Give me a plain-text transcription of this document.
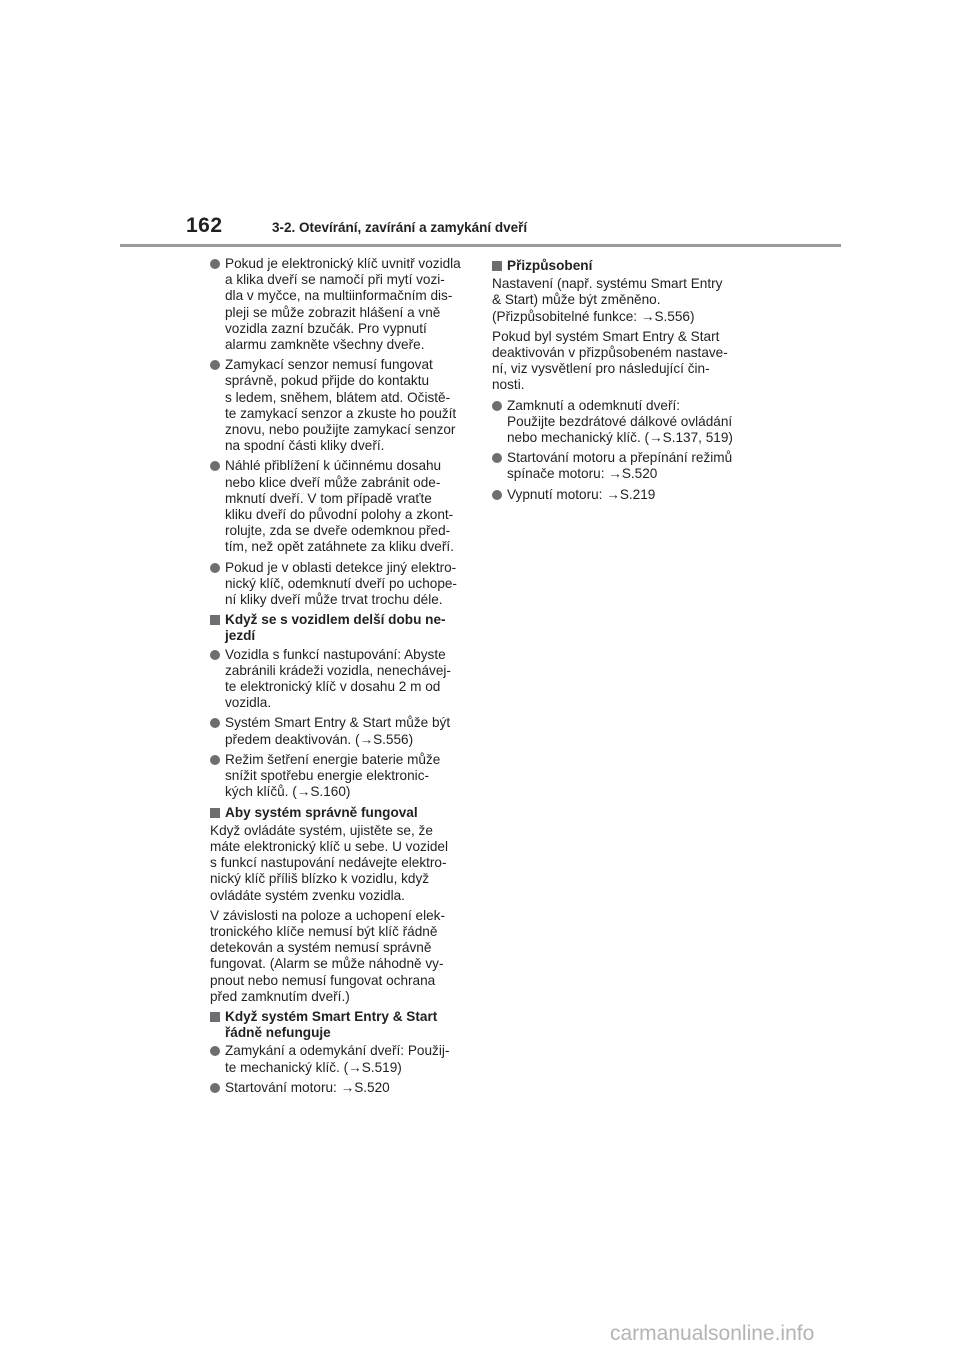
162	3-2. Otevírání, zavírání a zamykání dveří
Pokud je elektronický klíč uvnitř vozidla
a klika dveří se namočí při mytí vozi-
dla v myčce, na multiinformačním dis-
pleji se může zobrazit hlášení a vně
vozidla zazní bzučák. Pro vypnutí
alarmu zamkněte všechny dveře.
Zamykací senzor nemusí fungovat
správně, pokud přijde do kontaktu
s ledem, sněhem, blátem atd. Očistě-
te zamykací senzor a zkuste ho použít
znovu, nebo použijte zamykací senzor
na spodní části kliky dveří.
Náhlé přiblížení k účinnému dosahu
nebo klice dveří může zabránit ode-
mknutí dveří. V tom případě vraťte
kliku dveří do původní polohy a zkont-
rolujte, zda se dveře odemknou před-
tím, než opět zatáhnete za kliku dveří.
Pokud je v oblasti detekce jiný elektro-
nický klíč, odemknutí dveří po uchope-
ní kliky dveří může trvat trochu déle.
Když se s vozidlem delší dobu ne-
jezdí
Vozidla s funkcí nastupování: Abyste
zabránili krádeži vozidla, nenechávej-
te elektronický klíč v dosahu 2 m od
vozidla.
Systém Smart Entry & Start může být
předem deaktivován. (→S.556)
Režim šetření energie baterie může
snížit spotřebu energie elektronic-
kých klíčů. (→S.160)
Aby systém správně fungoval
Když ovládáte systém, ujistěte se, že
máte elektronický klíč u sebe. U vozidel
s funkcí nastupování nedávejte elektro-
nický klíč příliš blízko k vozidlu, když
ovládáte systém zvenku vozidla.
V závislosti na poloze a uchopení elek-
tronického klíče nemusí být klíč řádně
detekován a systém nemusí správně
fungovat. (Alarm se může náhodně vy-
pnout nebo nemusí fungovat ochrana
před zamknutím dveří.)
Když systém Smart Entry & Start
řádně nefunguje
Zamykání a odemykání dveří: Použij-
te mechanický klíč. (→S.519)
Startování motoru: →S.520
Přizpůsobení
Nastavení (např. systému Smart Entry
& Start) může být změněno.
(Přizpůsobitelné funkce: →S.556)
Pokud byl systém Smart Entry & Start
deaktivován v přizpůsobeném nastave-
ní, viz vysvětlení pro následující čin-
nosti.
Zamknutí a odemknutí dveří:
Použijte bezdrátové dálkové ovládání
nebo mechanický klíč. (→S.137, 519)
Startování motoru a přepínání režimů
spínače motoru: →S.520
Vypnutí motoru: →S.219
carmanualsonline.info
